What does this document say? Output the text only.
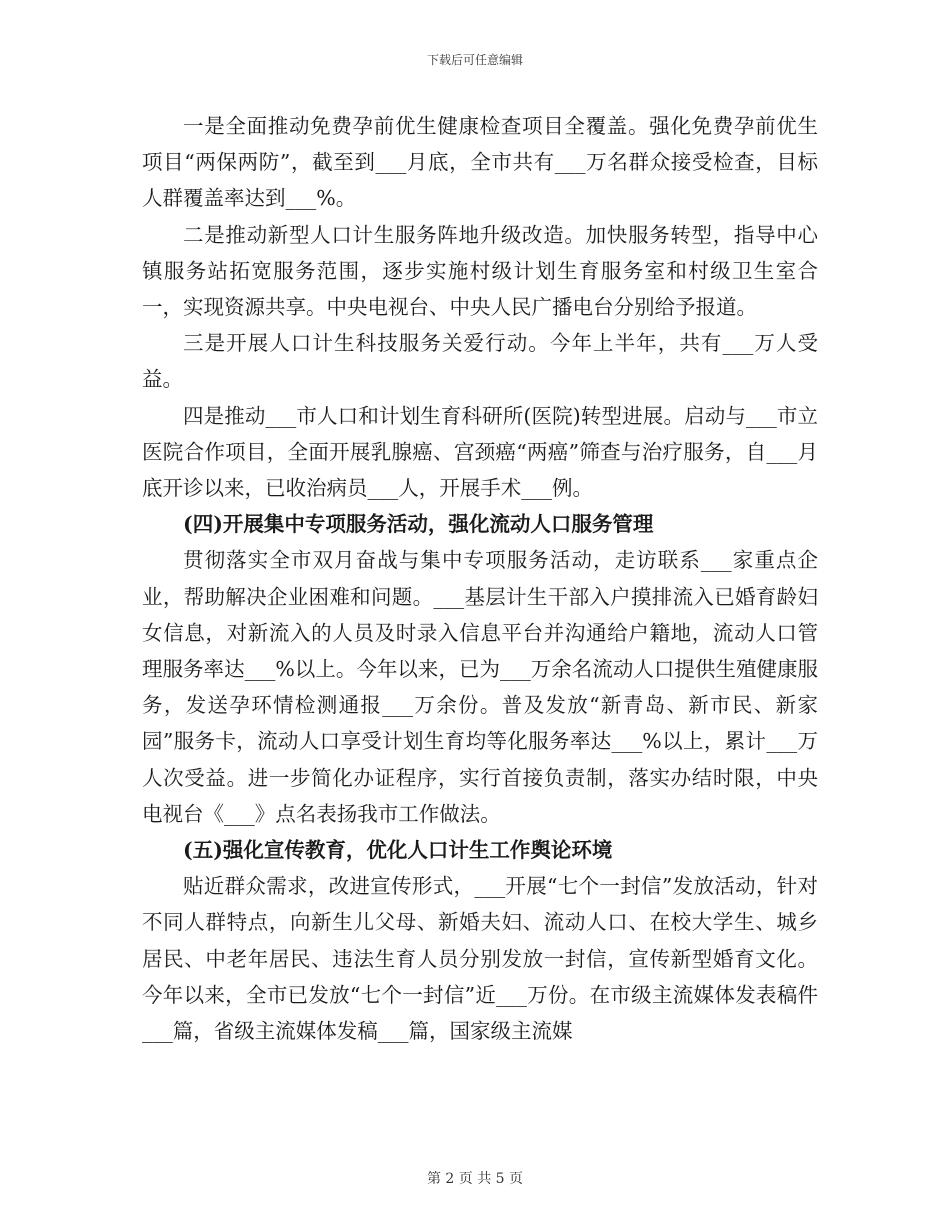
下载后可任意编辑

一是全面推动免费孕前优生健康检查项目全覆盖。强化免费孕前优生项目“两保两防”，截至到___月底，全市共有___万名群众接受检查，目标人群覆盖率达到___%。

二是推动新型人口计生服务阵地升级改造。加快服务转型，指导中心镇服务站拓宽服务范围，逐步实施村级计划生育服务室和村级卫生室合一，实现资源共享。中央电视台、中央人民广播电台分别给予报道。

三是开展人口计生科技服务关爱行动。今年上半年，共有___万人受益。

四是推动___市人口和计划生育科研所(医院)转型进展。启动与___市立医院合作项目，全面开展乳腺癌、宫颈癌“两癌”筛查与治疗服务，自___月底开诊以来，已收治病员___人，开展手术___例。

(四)开展集中专项服务活动，强化流动人口服务管理

贯彻落实全市双月奋战与集中专项服务活动，走访联系___家重点企业，帮助解决企业困难和问题。___基层计生干部入户摸排流入已婚育龄妇女信息，对新流入的人员及时录入信息平台并沟通给户籍地，流动人口管理服务率达___%以上。今年以来，已为___万余名流动人口提供生殖健康服务，发送孕环情检测通报___万余份。普及发放“新青岛、新市民、新家园”服务卡，流动人口享受计划生育均等化服务率达___%以上，累计___万人次受益。进一步简化办证程序，实行首接负责制，落实办结时限，中央电视台《___》点名表扬我市工作做法。

(五)强化宣传教育，优化人口计生工作舆论环境

贴近群众需求，改进宣传形式，___开展“七个一封信”发放活动，针对不同人群特点，向新生儿父母、新婚夫妇、流动人口、在校大学生、城乡居民、中老年居民、违法生育人员分别发放一封信，宣传新型婚育文化。今年以来，全市已发放“七个一封信”近___万份。在市级主流媒体发表稿件___篇，省级主流媒体发稿___篇，国家级主流媒

第 2 页 共 5 页
